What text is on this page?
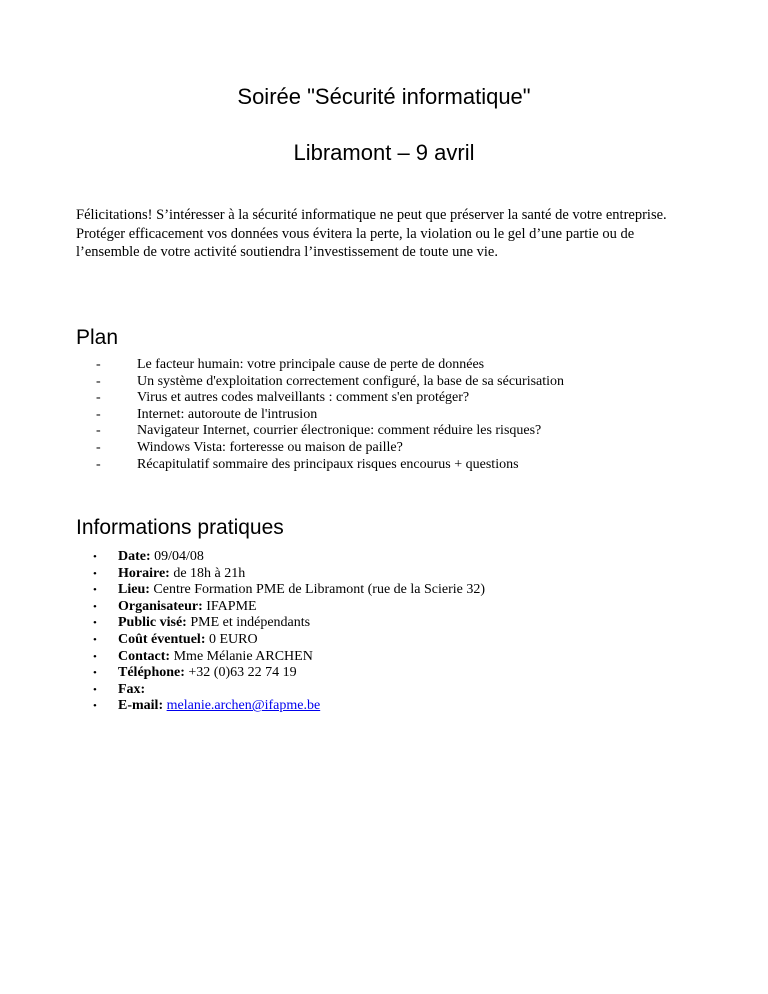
Soirée "Sécurité informatique"
Libramont – 9 avril

Félicitations! S’intéresser à la sécurité informatique ne peut que préserver la santé de votre entreprise. Protéger efficacement vos données vous évitera la perte, la violation ou le gel d’une partie ou de l’ensemble de votre activité soutiendra l’investissement de toute une vie.

Plan
-	Le facteur humain: votre principale cause de perte de données
-	Un système d'exploitation correctement configuré, la base de sa sécurisation
-	Virus et autres codes malveillants : comment s'en protéger?
-	Internet: autoroute de l'intrusion
-	Navigateur Internet, courrier électronique: comment réduire les risques?
-	Windows Vista: forteresse ou maison de paille?
-	Récapitulatif sommaire des principaux risques encourus + questions
Informations pratiques
• Date: 09/04/08
• Horaire: de 18h à 21h
• Lieu: Centre Formation PME de Libramont (rue de la Scierie 32)
• Organisateur: IFAPME
• Public visé: PME et indépendants
• Coût éventuel: 0 EURO
• Contact: Mme Mélanie ARCHEN
• Téléphone: +32 (0)63 22 74 19
• Fax:
• E-mail: melanie.archen@ifapme.be
